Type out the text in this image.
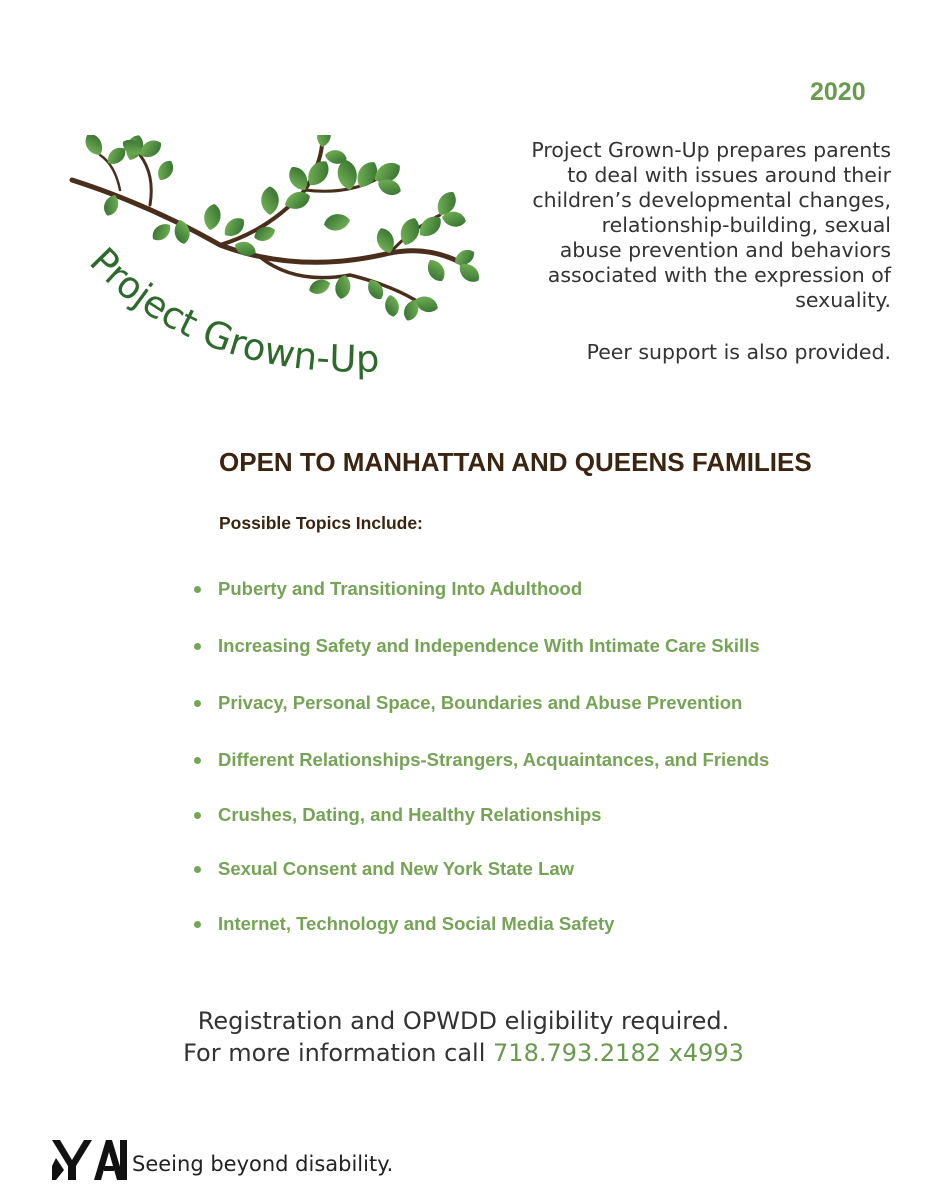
2020
Project Grown-Up
Project Grown-Up prepares parents
to deal with issues around their
children’s developmental changes,
relationship-building, sexual
abuse prevention and behaviors
associated with the expression of
sexuality.
Peer support is also provided.
OPEN TO MANHATTAN AND QUEENS FAMILIES
Possible Topics Include:
Puberty and Transitioning Into Adulthood
Increasing Safety and Independence With Intimate Care Skills
Privacy, Personal Space, Boundaries and Abuse Prevention
Different Relationships-Strangers, Acquaintances, and Friends
Crushes, Dating, and Healthy Relationships
Sexual Consent and New York State Law
Internet, Technology and Social Media Safety
Registration and OPWDD eligibility required.
For more information call 718.793.2182 x4993
Seeing beyond disability.
